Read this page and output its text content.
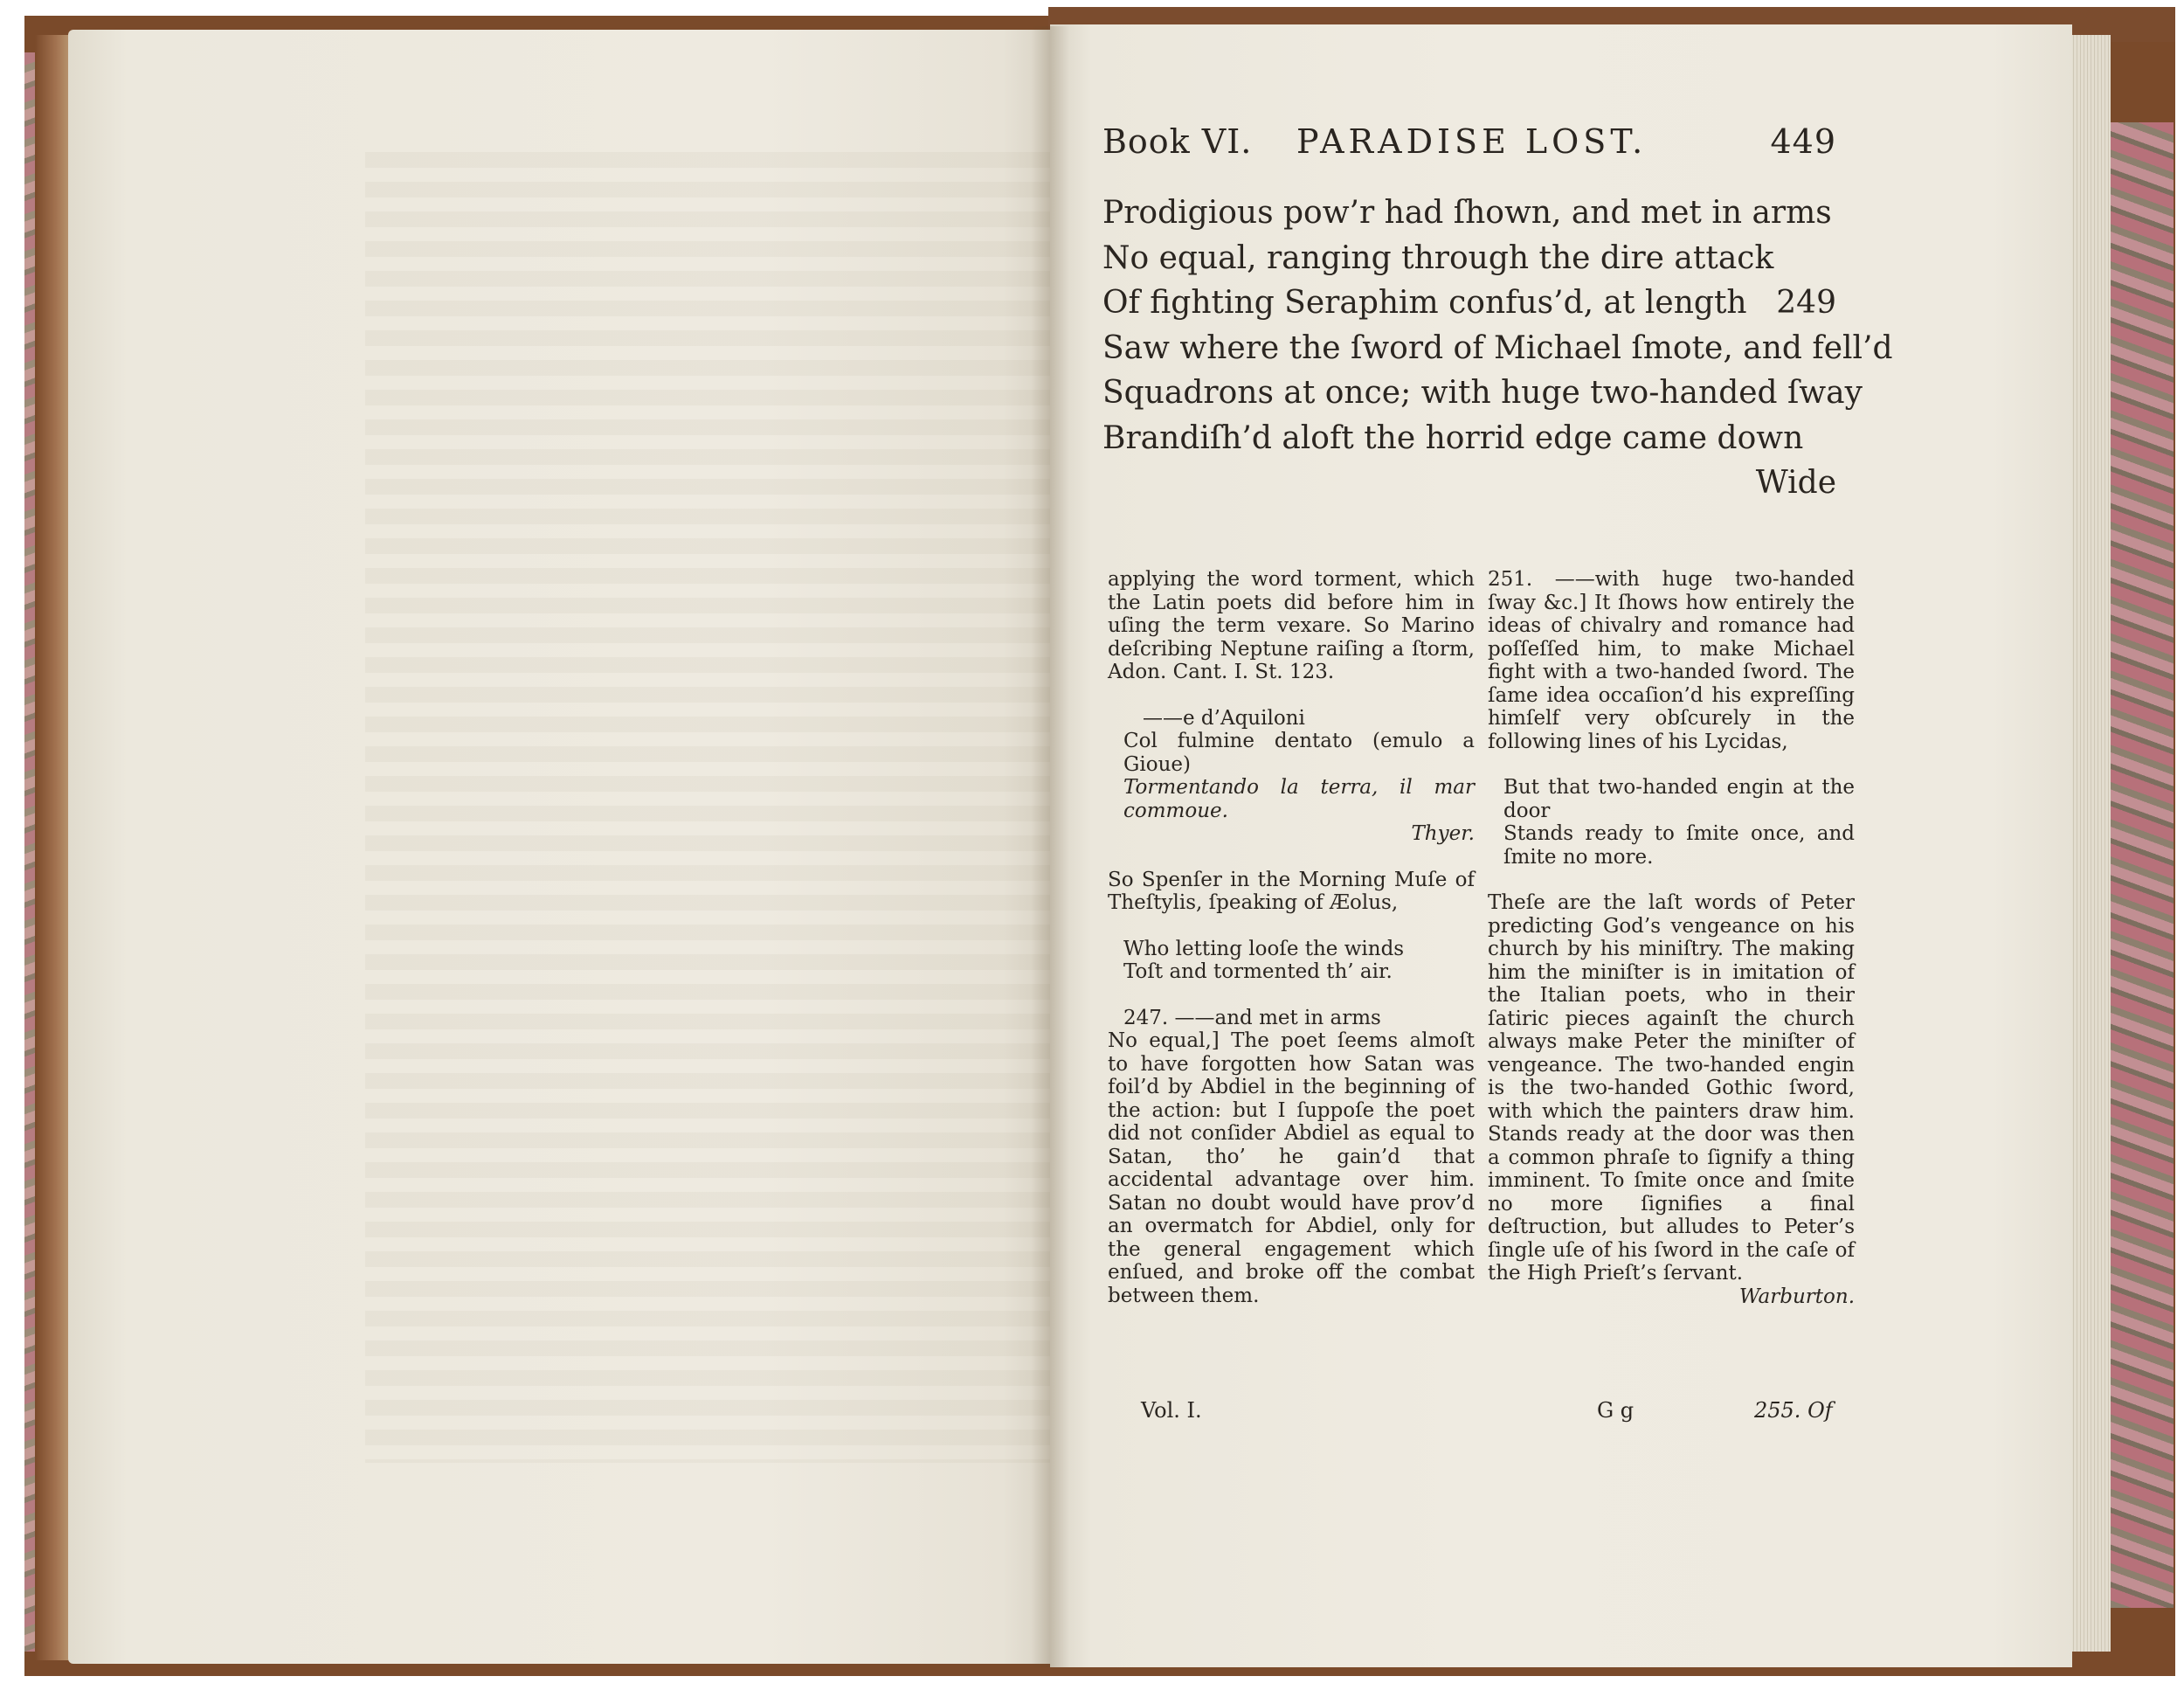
Book VI. PARADISE LOST.	449
Prodigious pow’r had ſhown, and met in arms
No equal, ranging through the dire attack
Of fighting Seraphim confus’d, at length 249
Saw where the ſword of Michael ſmote, and fell’d
Squadrons at once; with huge two-handed ſway
Brandiſh’d aloft the horrid edge came down
Wide

applying the word torment, which the Latin poets did before him in uſing the term vexare. So Marino deſcribing Neptune raiſing a ſtorm, Adon. Cant. I. St. 123.

——e d’Aquiloni

Col fulmine dentato (emulo a Gioue)

Tormentando la terra, il mar commoue.

Thyer.

So Spenſer in the Morning Muſe of Theſtylis, ſpeaking of Æolus,

Who letting looſe the winds

Toſt and tormented th’ air.

247. ——and met in arms

No equal,] The poet ſeems almoſt to have forgotten how Satan was foil’d by Abdiel in the beginning of the action: but I ſuppoſe the poet did not conſider Abdiel as equal to Satan, tho’ he gain’d that accidental advantage over him. Satan no doubt would have prov’d an overmatch for Abdiel, only for the general engagement which enſued, and broke off the combat between them.

251. ——with huge two-handed ſway &c.] It ſhows how entirely the ideas of chivalry and romance had poſſeſſed him, to make Michael fight with a two-handed ſword. The ſame idea occaſion’d his expreſſing himſelf very obſcurely in the following lines of his Lycidas,

But that two-handed engin at the door

Stands ready to ſmite once, and ſmite no more.

Theſe are the laſt words of Peter predicting God’s vengeance on his church by his miniſtry. The making him the miniſter is in imitation of the Italian poets, who in their ſatiric pieces againſt the church always make Peter the miniſter of vengeance. The two-handed engin is the two-handed Gothic ſword, with which the painters draw him. Stands ready at the door was then a common phraſe to ſignify a thing imminent. To ſmite once and ſmite no more ſignifies a final deſtruction, but alludes to Peter’s ſingle uſe of his ſword in the caſe of the High Prieſt’s ſervant.

Warburton.

Vol. I.	G g	255. Of
